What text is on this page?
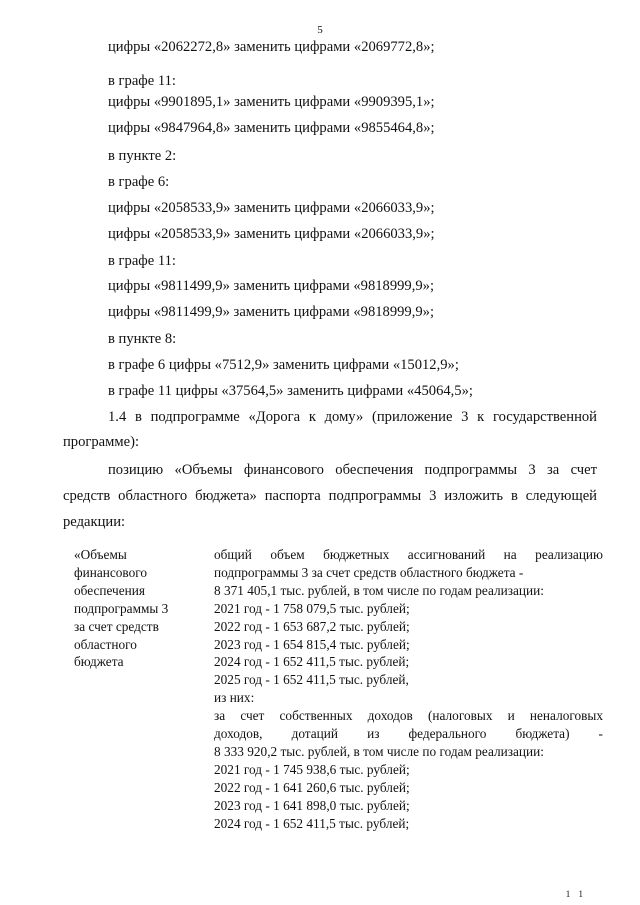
5
цифры «2062272,8» заменить цифрами «2069772,8»;
в графе 11:
цифры «9901895,1» заменить цифрами «9909395,1»;
цифры «9847964,8» заменить цифрами «9855464,8»;
в пункте 2:
в графе 6:
цифры «2058533,9» заменить цифрами «2066033,9»;
цифры «2058533,9» заменить цифрами «2066033,9»;
в графе 11:
цифры «9811499,9» заменить цифрами «9818999,9»;
цифры «9811499,9» заменить цифрами «9818999,9»;
в пункте 8:
в графе 6 цифры «7512,9» заменить цифрами «15012,9»;
в графе 11 цифры «37564,5» заменить цифрами «45064,5»;
1.4 в подпрограмме «Дорога к дому» (приложение 3 к государственной
программе):
позицию «Объемы финансового обеспечения подпрограммы 3 за счет
средств областного бюджета» паспорта подпрограммы 3 изложить в следующей
редакции:
«Объемы
финансового
обеспечения
подпрограммы 3
за счет средств
областного
бюджета
общий объем бюджетных ассигнований на реализацию
подпрограммы 3 за счет средств областного бюджета -
8 371 405,1 тыс. рублей, в том числе по годам реализации:
2021 год - 1 758 079,5 тыс. рублей;
2022 год - 1 653 687,2 тыс. рублей;
2023 год - 1 654 815,4 тыс. рублей;
2024 год - 1 652 411,5 тыс. рублей;
2025 год - 1 652 411,5 тыс. рублей,
из них:
за счет собственных доходов (налоговых и неналоговых
доходов, дотаций из федерального бюджета) -
8 333 920,2 тыс. рублей, в том числе по годам реализации:
2021 год - 1 745 938,6 тыс. рублей;
2022 год - 1 641 260,6 тыс. рублей;
2023 год - 1 641 898,0 тыс. рублей;
2024 год - 1 652 411,5 тыс. рублей;
1 1
